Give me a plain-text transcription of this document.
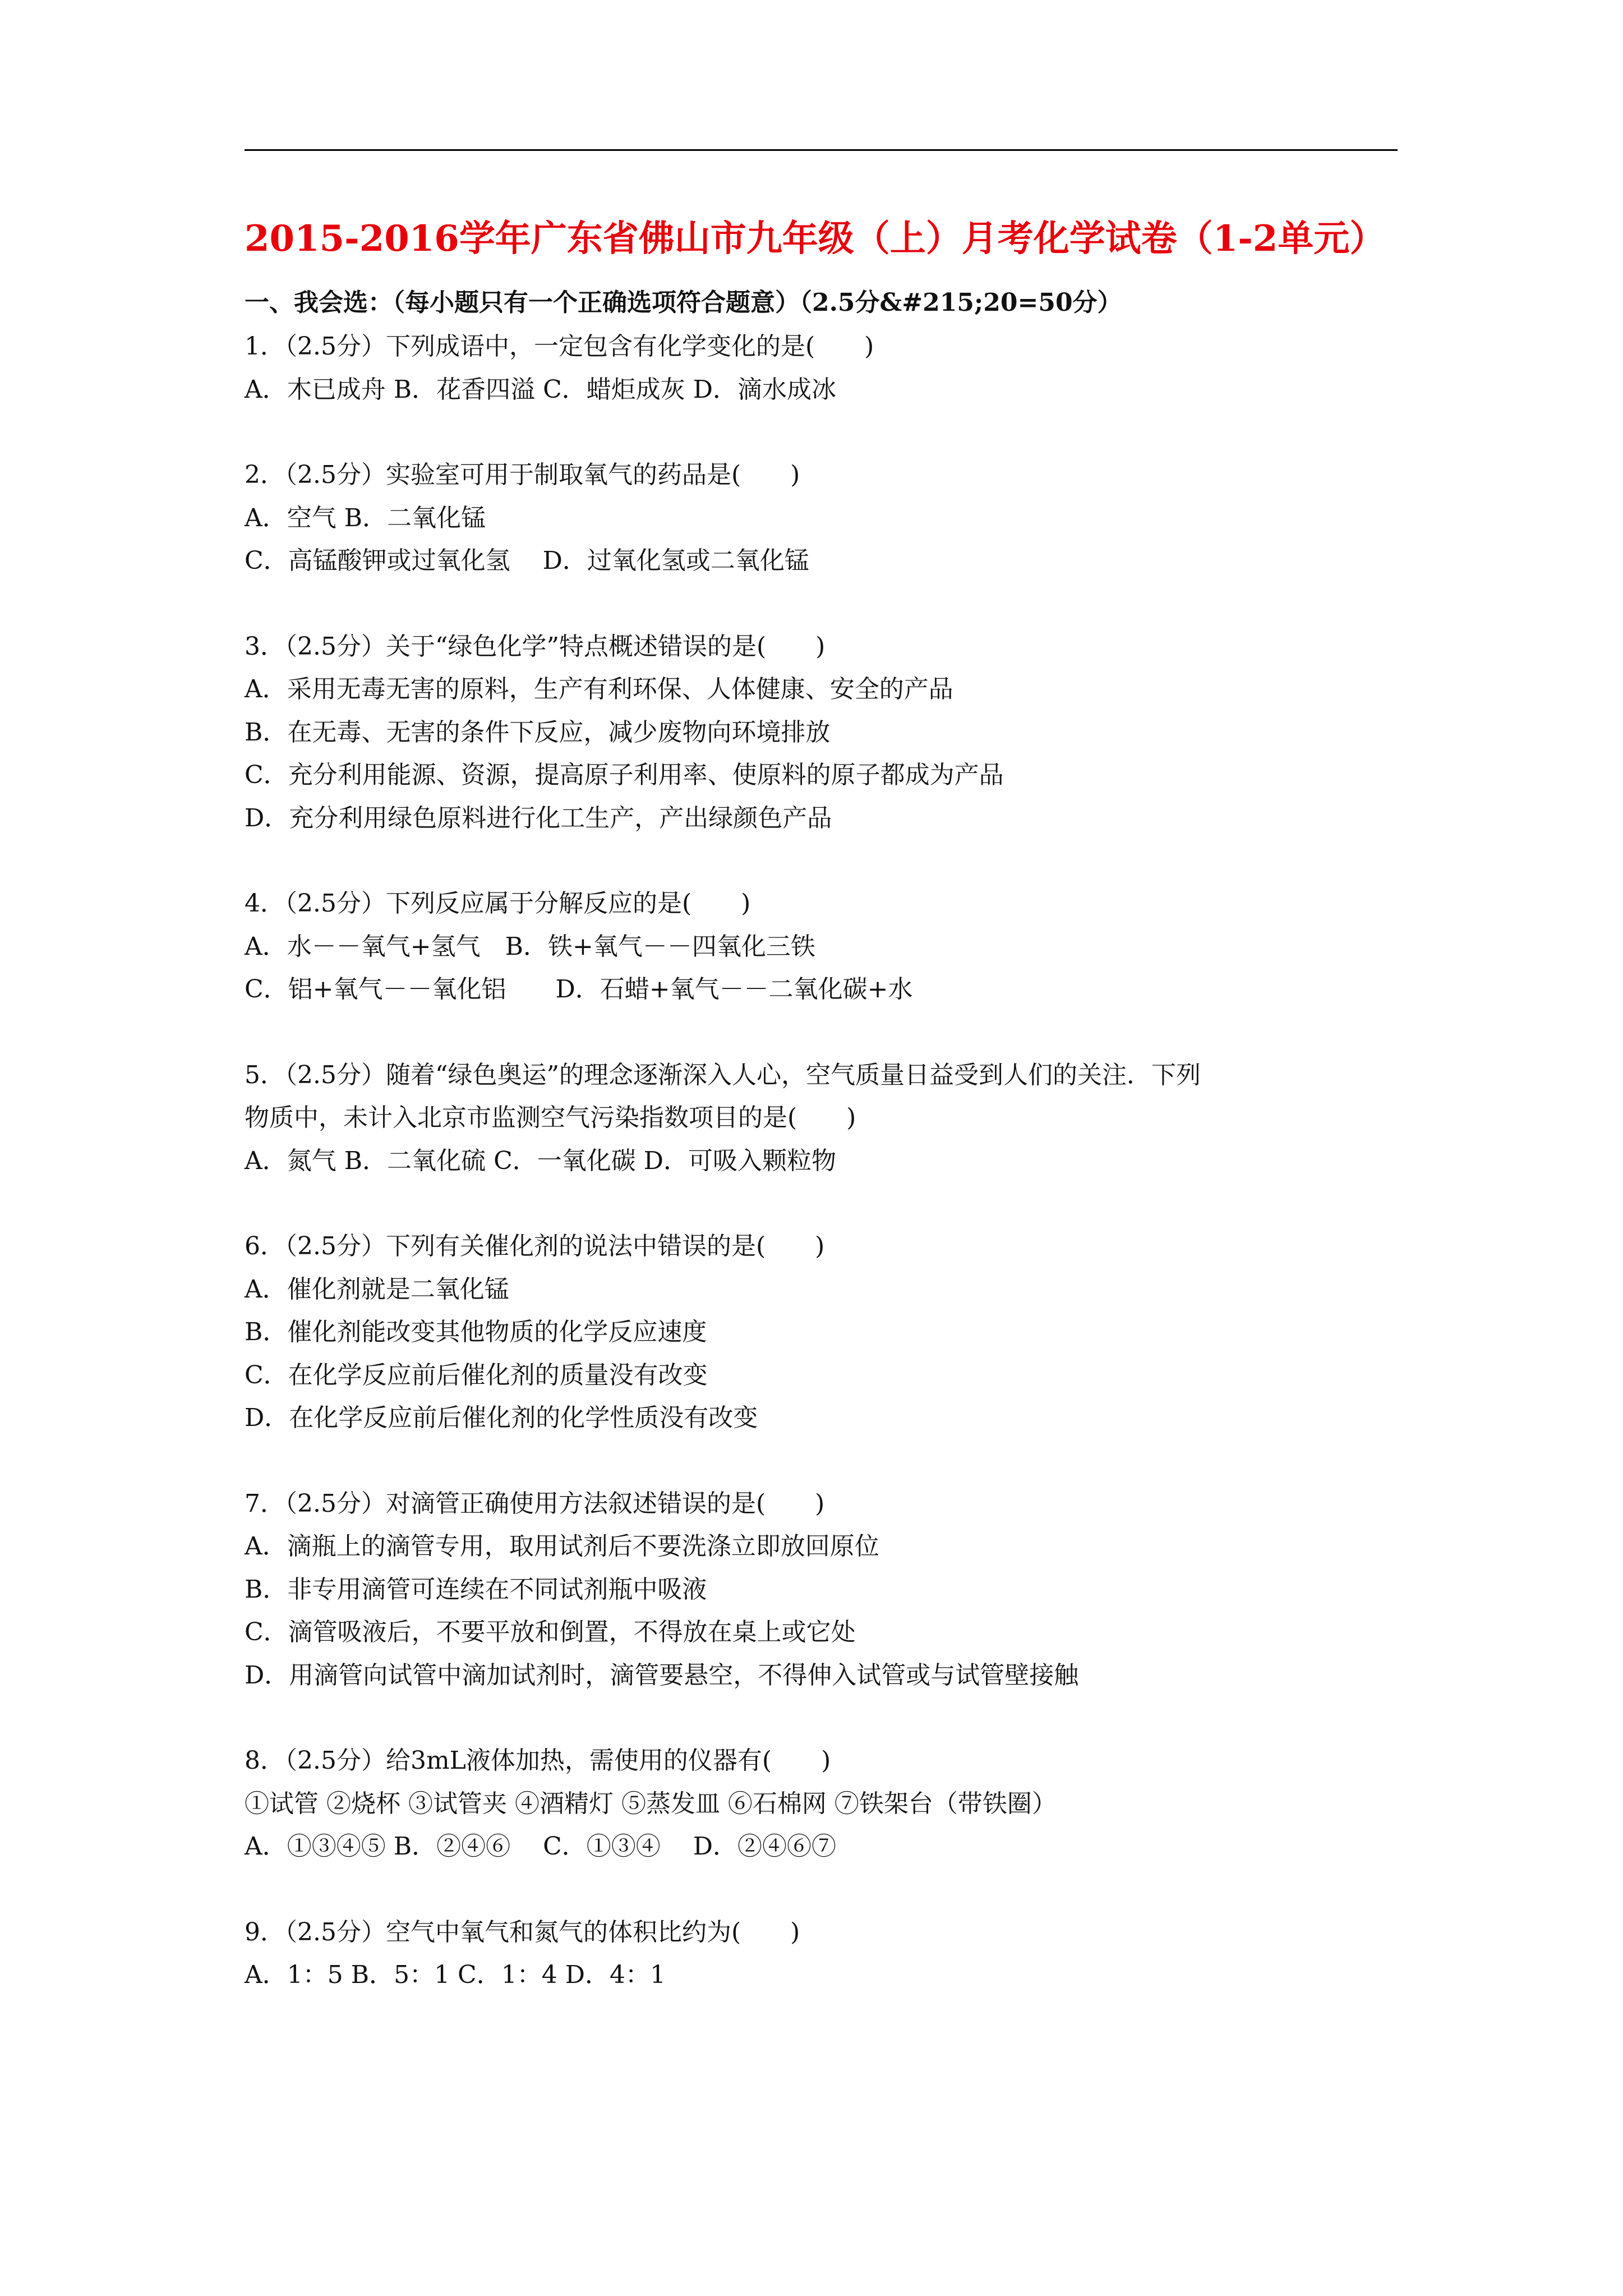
2015-2016学年广东省佛山市九年级（上）月考化学试卷（1-2单元）
一、我会选：（每小题只有一个正确选项符合题意）（2.5分&#215;20=50分）
1．（2.5分）下列成语中，一定包含有化学变化的是(　　)
A．木已成舟 B．花香四溢 C．蜡炬成灰 D．滴水成冰
2．（2.5分）实验室可用于制取氧气的药品是(　　)
A．空气 B．二氧化锰
C．高锰酸钾或过氧化氢　 D．过氧化氢或二氧化锰
3．（2.5分）关于“绿色化学”特点概述错误的是(　　)
A．采用无毒无害的原料，生产有利环保、人体健康、安全的产品
B．在无毒、无害的条件下反应，减少废物向环境排放
C．充分利用能源、资源，提高原子利用率、使原料的原子都成为产品
D．充分利用绿色原料进行化工生产，产出绿颜色产品
4．（2.5分）下列反应属于分解反应的是(　　)
A．水－－氧气+氢气　B．铁+氧气－－四氧化三铁
C．铝+氧气－－氧化铝　　D．石蜡+氧气－－二氧化碳+水
5．（2.5分）随着“绿色奥运”的理念逐渐深入人心，空气质量日益受到人们的关注．下列
物质中，未计入北京市监测空气污染指数项目的是(　　)
A．氮气 B．二氧化硫 C．一氧化碳 D．可吸入颗粒物
6．（2.5分）下列有关催化剂的说法中错误的是(　　)
A．催化剂就是二氧化锰
B．催化剂能改变其他物质的化学反应速度
C．在化学反应前后催化剂的质量没有改变
D．在化学反应前后催化剂的化学性质没有改变
7．（2.5分）对滴管正确使用方法叙述错误的是(　　)
A．滴瓶上的滴管专用，取用试剂后不要洗涤立即放回原位
B．非专用滴管可连续在不同试剂瓶中吸液
C．滴管吸液后，不要平放和倒置，不得放在桌上或它处
D．用滴管向试管中滴加试剂时，滴管要悬空，不得伸入试管或与试管壁接触
8．（2.5分）给3mL液体加热，需使用的仪器有(　　)
①试管 ②烧杯 ③试管夹 ④酒精灯 ⑤蒸发皿 ⑥石棉网 ⑦铁架台（带铁圈）
A．①③④⑤ B．②④⑥　 C．①③④　 D．②④⑥⑦
9．（2.5分）空气中氧气和氮气的体积比约为(　　)
A．1：5 B．5：1 C．1：4 D．4：1
